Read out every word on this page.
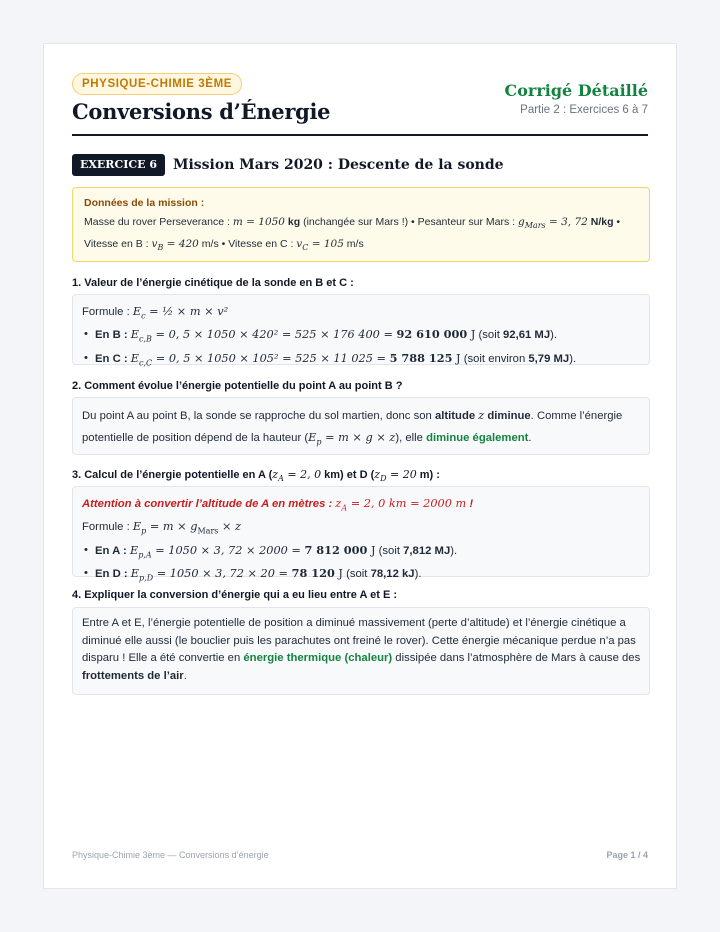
PHYSIQUE-CHIMIE 3ÈME
Conversions d’Énergie
Corrigé Détaillé
Partie 2 : Exercices 6 à 7
EXERCICE 6	Mission Mars 2020 : Descente de la sonde
Données de la mission :
Masse du rover Perseverance : m = 1050 kg (inchangée sur Mars !) • Pesanteur sur Mars : $g_{Mars} = 3$, 72 N/kg •
Vitesse en B : $v_B = 420$ m/s • Vitesse en C : $v_C = 105$ m/s
1. Valeur de l’énergie cinétique de la sonde en B et C :
Formule : $E_c$ = ½ × m × v²
• En B : $E_{c,B} = 0$, 5 × 1050 × 420² = 525 × 176 400 = 92 610 000 J (soit 92,61 MJ).
• En C : $E_{c,C} = 0$, 5 × 1050 × 105² = 525 × 11 025 = 5 788 125 J (soit environ 5,79 MJ).
2. Comment évolue l’énergie potentielle du point A au point B ?

Du point A au point B, la sonde se rapproche du sol martien, donc son altitude z diminue. Comme l’énergie

potentielle de position dépend de la hauteur $(E_p = m \times g \times z)$, elle diminue également.

3. Calcul de l’énergie potentielle en A ($z_A = 2$, 0 km) et D ($z_D = 20$ m) :
Attention à convertir l’altitude de A en mètres : $z_A = 2$, 0 km = 2000 m !
Formule : $E_p = m \times g_{Mars} \times z$
• En A : $E_{p,A} = 1050 \times 3$, 72 × 2000 = 7 812 000 J (soit 7,812 MJ).
• En D : $E_{p,D} = 1050 \times 3$, 72 × 20 = 78 120 J (soit 78,12 kJ).
4. Expliquer la conversion d’énergie qui a eu lieu entre A et E :

Entre A et E, l’énergie potentielle de position a diminué massivement (perte d’altitude) et l’énergie cinétique a

diminué elle aussi (le bouclier puis les parachutes ont freiné le rover). Cette énergie mécanique perdue n’a pas

disparu ! Elle a été convertie en énergie thermique (chaleur) dissipée dans l’atmosphère de Mars à cause des

frottements de l’air.

Physique-Chimie 3ème — Conversions d’énergie	Page 1 / 4
